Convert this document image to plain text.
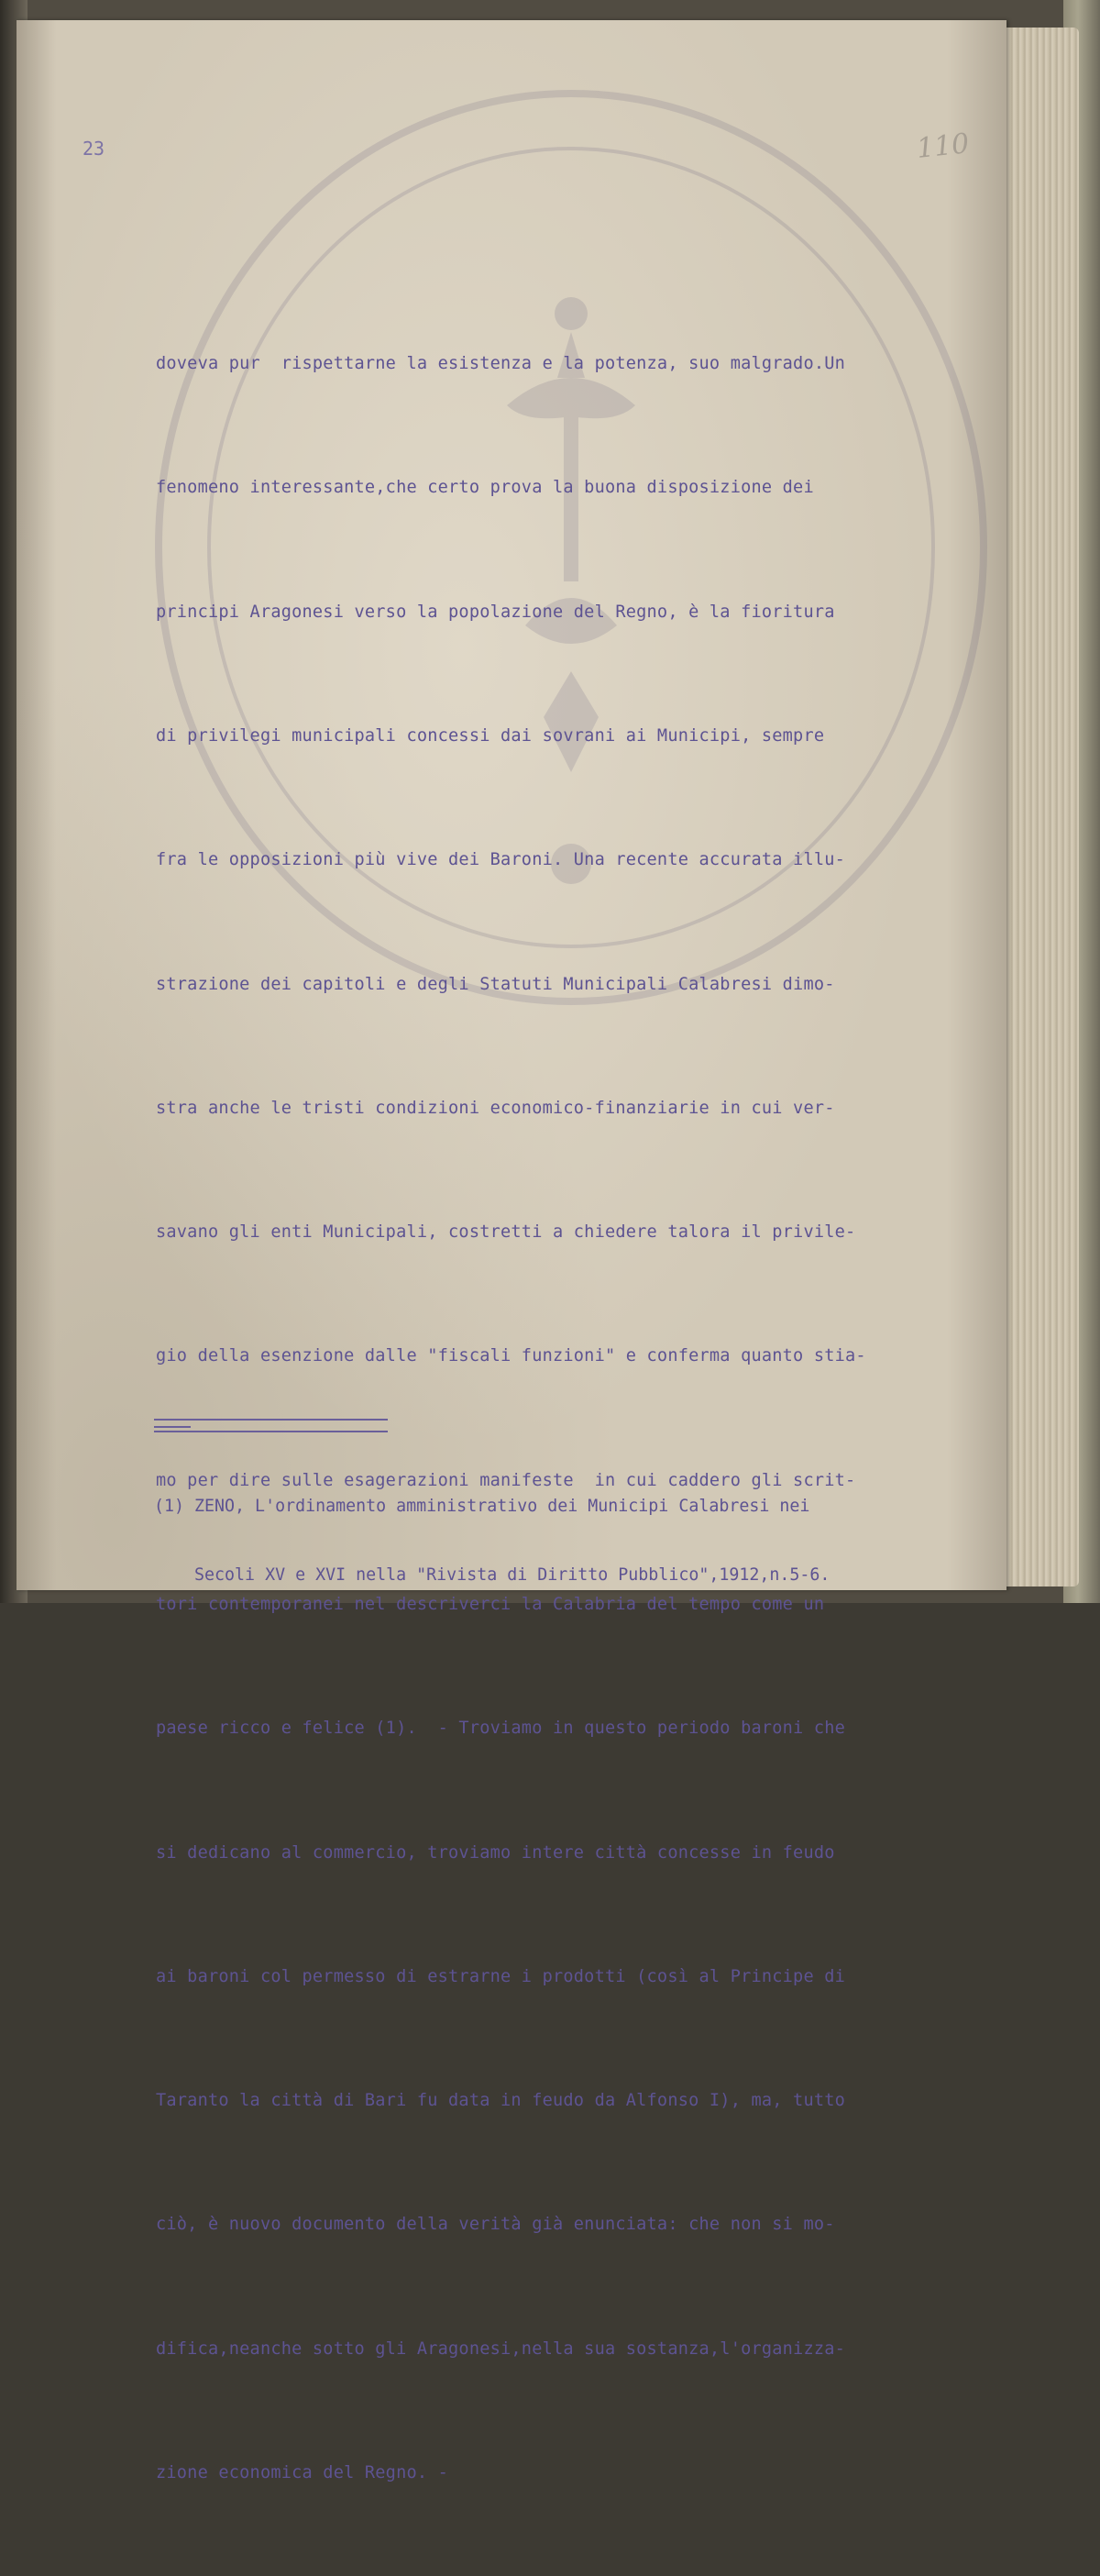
23	110

doveva pur  rispettarne la esistenza e la potenza, suo malgrado.Un

fenomeno interessante,che certo prova la buona disposizione dei

principi Aragonesi verso la popolazione del Regno, è la fioritura

di privilegi municipali concessi dai sovrani ai Municipi, sempre

fra le opposizioni più vive dei Baroni. Una recente accurata illu-

strazione dei capitoli e degli Statuti Municipali Calabresi dimo-

stra anche le tristi condizioni economico-finanziarie in cui ver-

savano gli enti Municipali, costretti a chiedere talora il privile-

gio della esenzione dalle "fiscali funzioni" e conferma quanto stia-

mo per dire sulle esagerazioni manifeste  in cui caddero gli scrit-

tori contemporanei nel descriverci la Calabria del tempo come un

paese ricco e felice (1).  - Troviamo in questo periodo baroni che

si dedicano al commercio, troviamo intere città concesse in feudo

ai baroni col permesso di estrarne i prodotti (così al Principe di

Taranto la città di Bari fu data in feudo da Alfonso I), ma, tutto

ciò, è nuovo documento della verità già enunciata: che non si mo-

difica,neanche sotto gli Aragonesi,nella sua sostanza,l'organizza-

zione economica del Regno. -

(1) ZENO, L'ordinamento amministrativo dei Municipi Calabresi nei

Secoli XV e XVI nella "Rivista di Diritto Pubblico",1912,n.5-6.
